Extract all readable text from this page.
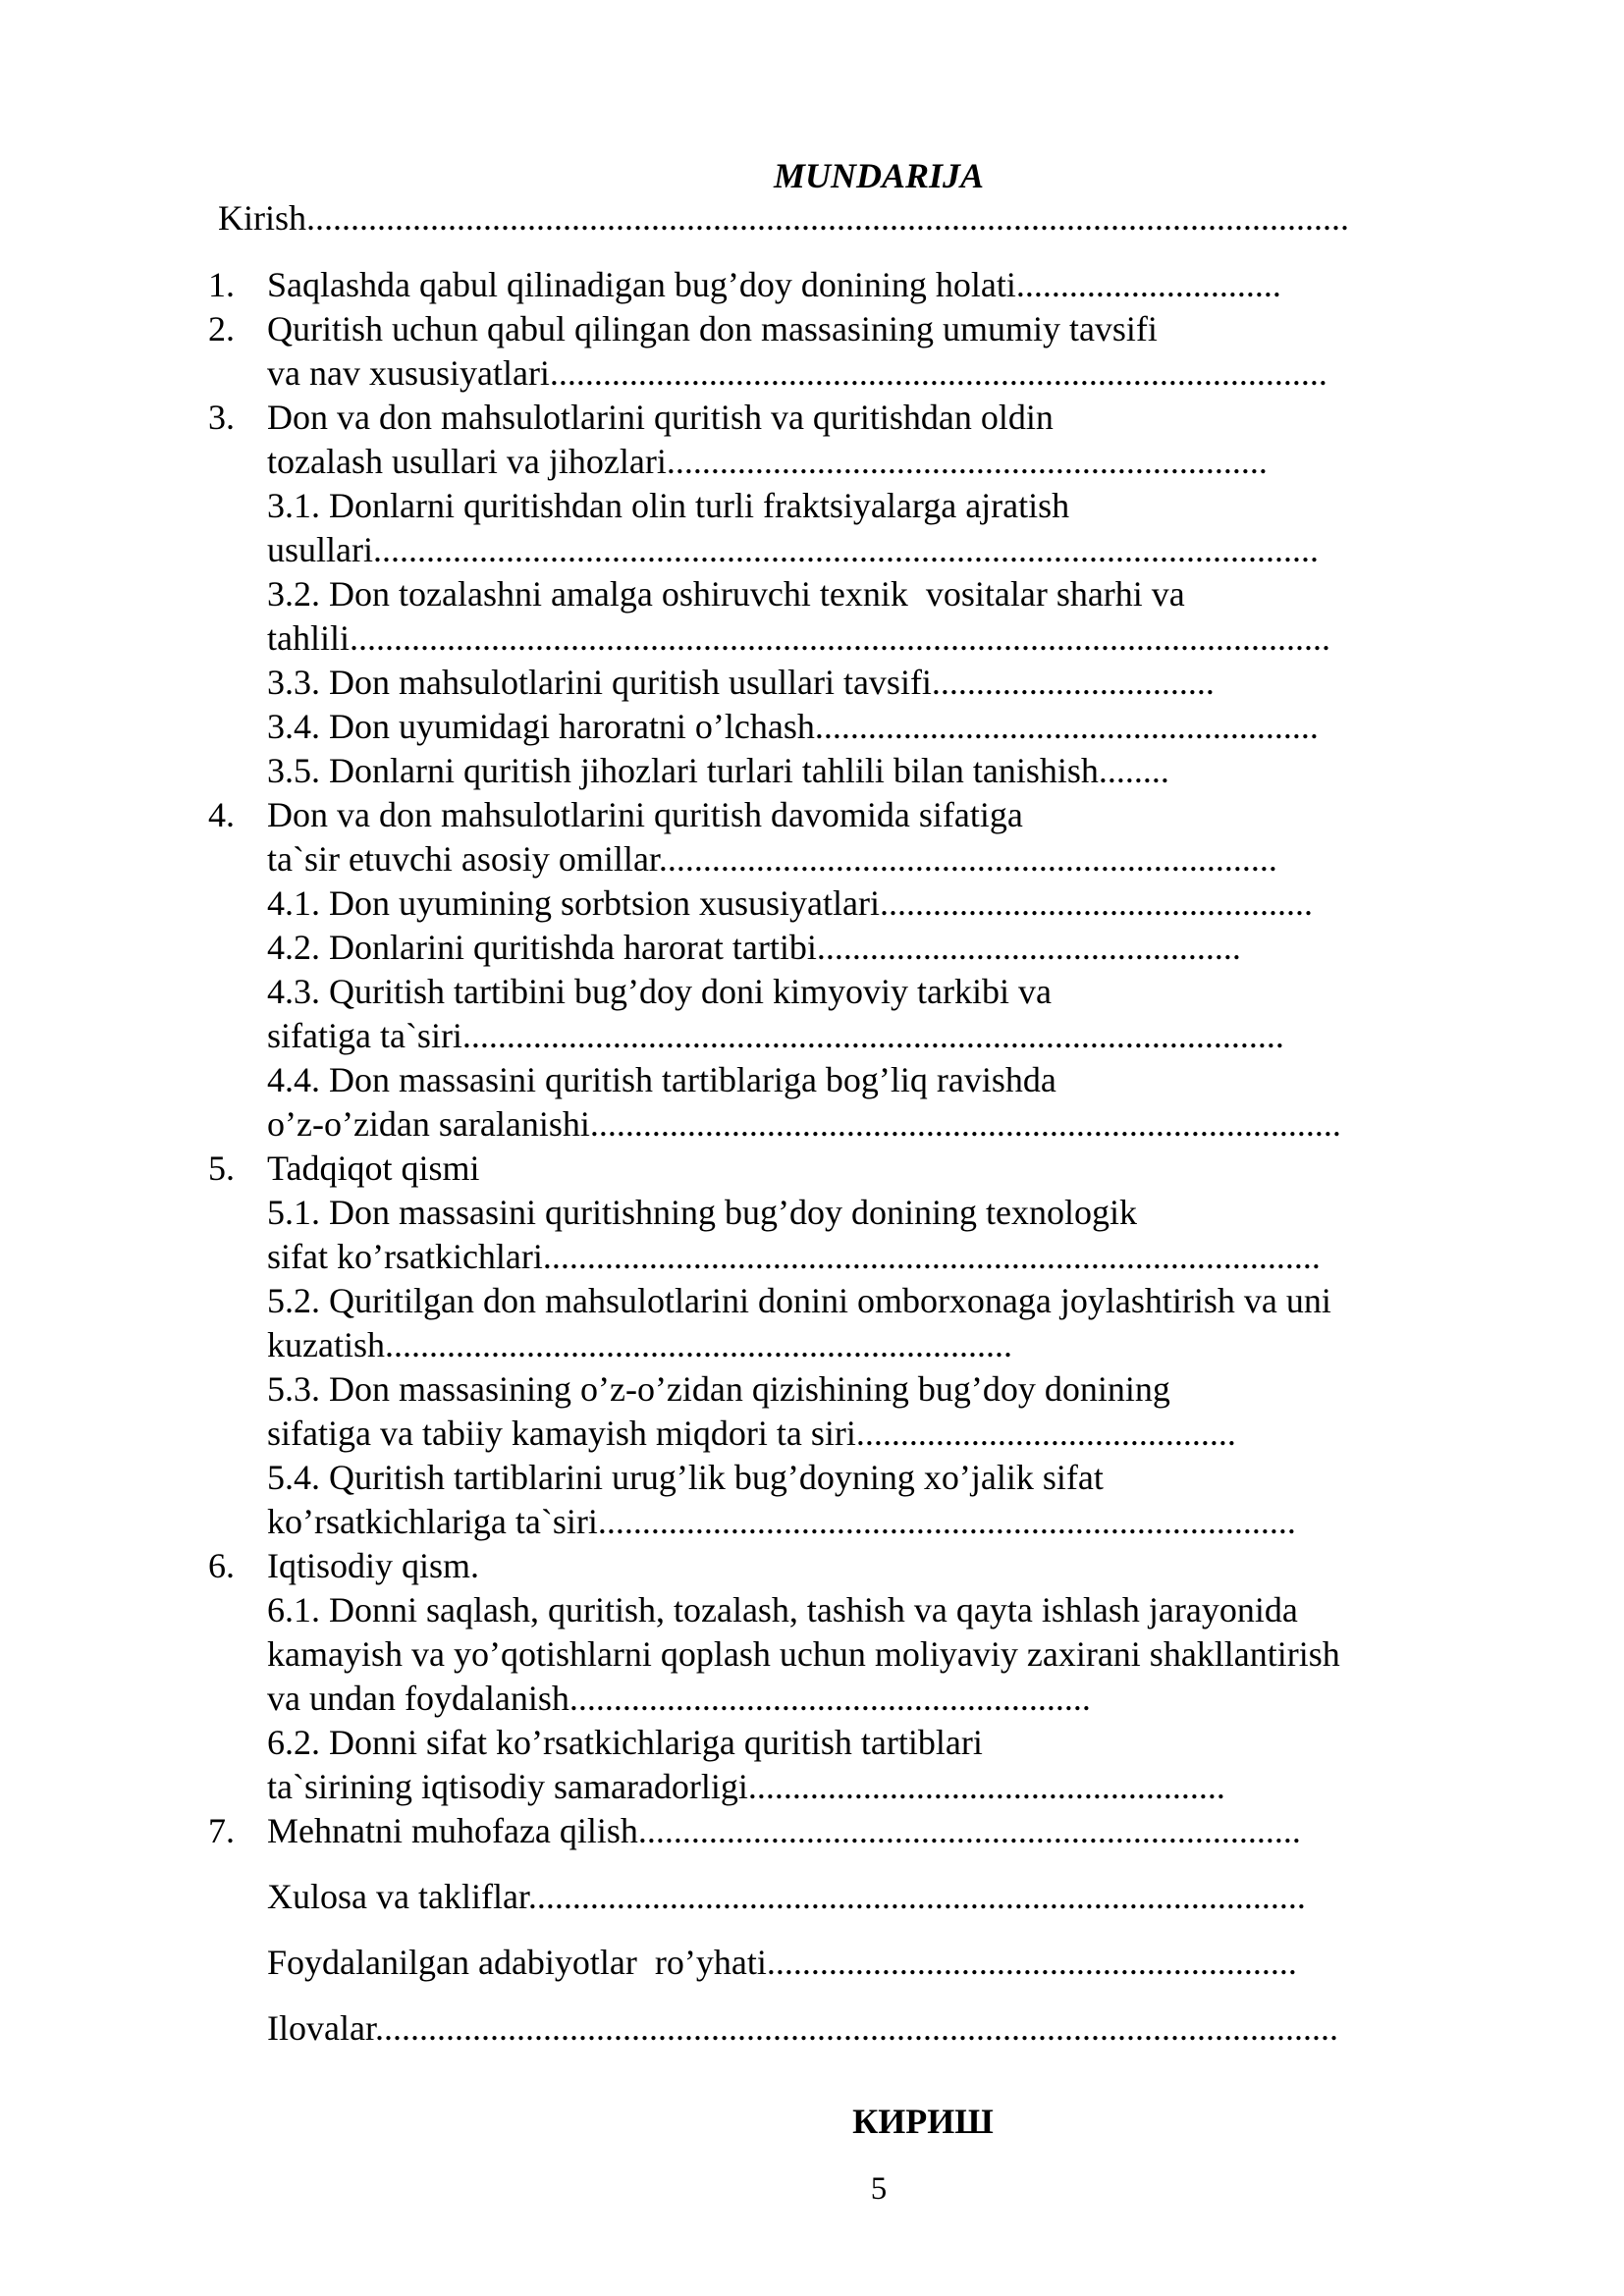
MUNDARIJA
Kirish......................................................................................................................
1. Saqlashda qabul qilinadigan bug’doy donining holati..............................
2. Quritish uchun qabul qilingan don massasining umumiy tavsifi
va nav xususiyatlari........................................................................................
3. Don va don mahsulotlarini quritish va quritishdan oldin
tozalash usullari va jihozlari....................................................................
3.1. Donlarni quritishdan olin turli fraktsiyalarga ajratish
usullari...........................................................................................................
3.2. Don tozalashni amalga oshiruvchi texnik  vositalar sharhi va
tahlili...............................................................................................................
3.3. Don mahsulotlarini quritish usullari tavsifi................................
3.4. Don uyumidagi haroratni o’lchash.........................................................
3.5. Donlarni quritish jihozlari turlari tahlili bilan tanishish........
4. Don va don mahsulotlarini quritish davomida sifatiga
ta`sir etuvchi asosiy omillar......................................................................
4.1. Don uyumining sorbtsion xususiyatlari.................................................
4.2. Donlarini quritishda harorat tartibi................................................
4.3. Quritish tartibini bug’doy doni kimyoviy tarkibi va
sifatiga ta`siri.............................................................................................
4.4. Don massasini quritish tartiblariga bog’liq ravishda
o’z-o’zidan saralanishi.....................................................................................
5. Tadqiqot qismi
5.1. Don massasini quritishning bug’doy donining texnologik
sifat ko’rsatkichlari........................................................................................
5.2. Quritilgan don mahsulotlarini donini omborxonaga joylashtirish va uni
kuzatish.......................................................................
5.3. Don massasining o’z-o’zidan qizishining bug’doy donining
sifatiga va tabiiy kamayish miqdori ta siri...........................................
5.4. Quritish tartiblarini urug’lik bug’doyning xo’jalik sifat
ko’rsatkichlariga ta`siri...............................................................................
6. Iqtisodiy qism.
6.1. Donni saqlash, quritish, tozalash, tashish va qayta ishlash jarayonida
kamayish va yo’qotishlarni qoplash uchun moliyaviy zaxirani shakllantirish
va undan foydalanish...........................................................
6.2. Donni sifat ko’rsatkichlariga quritish tartiblari
ta`sirining iqtisodiy samaradorligi......................................................
7. Mehnatni muhofaza qilish...........................................................................
Xulosa va takliflar........................................................................................
Foydalanilgan adabiyotlar  ro’yhati............................................................
Ilovalar.............................................................................................................
КИРИШ
5
